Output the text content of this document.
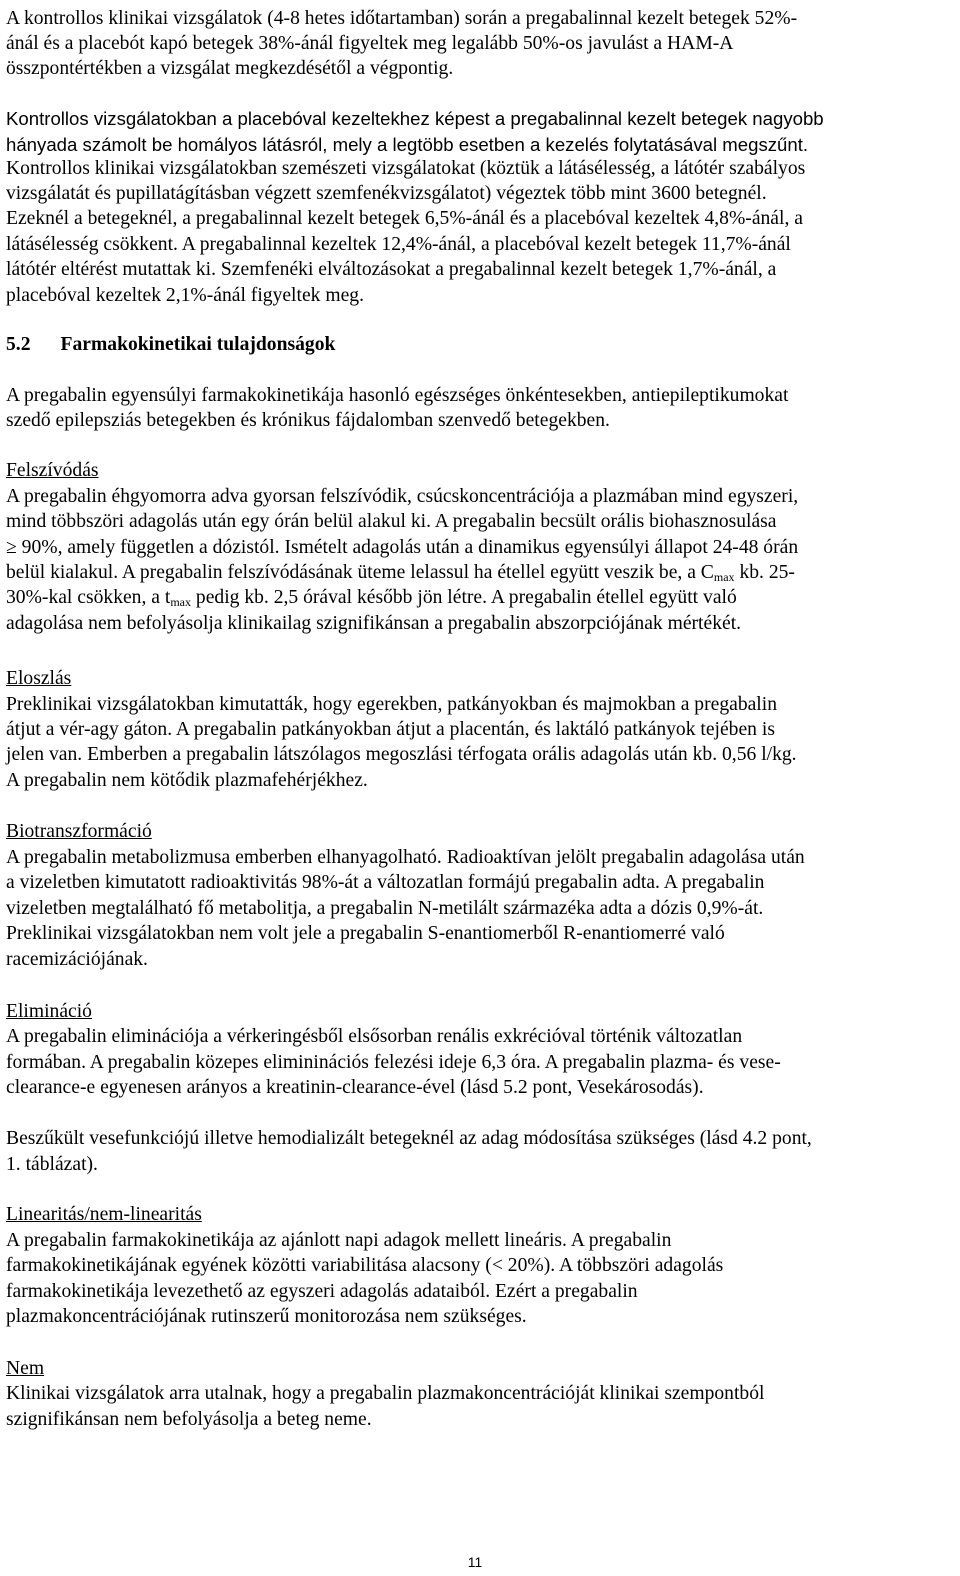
A kontrollos klinikai vizsgálatok (4-8 hetes időtartamban) során a pregabalinnal kezelt betegek 52%-
ánál és a placebót kapó betegek 38%-ánál figyeltek meg legalább 50%-os javulást a HAM-A
összpontértékben a vizsgálat megkezdésétől a végpontig.
Kontrollos vizsgálatokban a placebóval kezeltekhez képest a pregabalinnal kezelt betegek nagyobb
hányada számolt be homályos látásról, mely a legtöbb esetben a kezelés folytatásával megszűnt.
Kontrollos klinikai vizsgálatokban szemészeti vizsgálatokat (köztük a látásélesség, a látótér szabályos
vizsgálatát és pupillatágításban végzett szemfenékvizsgálatot) végeztek több mint 3600 betegnél.
Ezeknél a betegeknél, a pregabalinnal kezelt betegek 6,5%-ánál és a placebóval kezeltek 4,8%-ánál, a
látásélesség csökkent. A pregabalinnal kezeltek 12,4%-ánál, a placebóval kezelt betegek 11,7%-ánál
látótér eltérést mutattak ki. Szemfenéki elváltozásokat a pregabalinnal kezelt betegek 1,7%-ánál, a
placebóval kezeltek 2,1%-ánál figyeltek meg.
5.2 Farmakokinetikai tulajdonságok
A pregabalin egyensúlyi farmakokinetikája hasonló egészséges önkéntesekben, antiepileptikumokat
szedő epilepsziás betegekben és krónikus fájdalomban szenvedő betegekben.
Felszívódás
A pregabalin éhgyomorra adva gyorsan felszívódik, csúcskoncentrációja a plazmában mind egyszeri,
mind többszöri adagolás után egy órán belül alakul ki. A pregabalin becsült orális biohasznosulása
≥ 90%, amely független a dózistól. Ismételt adagolás után a dinamikus egyensúlyi állapot 24-48 órán
belül kialakul. A pregabalin felszívódásának üteme lelassul ha étellel együtt veszik be, a $C_{max}$ kb. 25-
30%-kal csökken, a $t_{max}$ pedig kb. 2,5 órával később jön létre. A pregabalin étellel együtt való
adagolása nem befolyásolja klinikailag szignifikánsan a pregabalin abszorpciójának mértékét.
Eloszlás
Preklinikai vizsgálatokban kimutatták, hogy egerekben, patkányokban és majmokban a pregabalin
átjut a vér-agy gáton. A pregabalin patkányokban átjut a placentán, és laktáló patkányok tejében is
jelen van. Emberben a pregabalin látszólagos megoszlási térfogata orális adagolás után kb. 0,56 l/kg.
A pregabalin nem kötődik plazmafehérjékhez.
Biotranszformáció
A pregabalin metabolizmusa emberben elhanyagolható. Radioaktívan jelölt pregabalin adagolása után
a vizeletben kimutatott radioaktivitás 98%-át a változatlan formájú pregabalin adta. A pregabalin
vizeletben megtalálható fő metabolitja, a pregabalin N-metilált származéka adta a dózis 0,9%-át.
Preklinikai vizsgálatokban nem volt jele a pregabalin S-enantiomerből R-enantiomerré való
racemizációjának.
Elimináció
A pregabalin eliminációja a vérkeringésből elsősorban renális exkrécióval történik változatlan
formában. A pregabalin közepes elimininációs felezési ideje 6,3 óra. A pregabalin plazma- és vese-
clearance-e egyenesen arányos a kreatinin-clearance-ével (lásd 5.2 pont, Vesekárosodás).
Beszűkült vesefunkciójú illetve hemodializált betegeknél az adag módosítása szükséges (lásd 4.2 pont,
1. táblázat).
Linearitás/nem-linearitás
A pregabalin farmakokinetikája az ajánlott napi adagok mellett lineáris. A pregabalin
farmakokinetikájának egyének közötti variabilitása alacsony (< 20%). A többszöri adagolás
farmakokinetikája levezethető az egyszeri adagolás adataiból. Ezért a pregabalin
plazmakoncentrációjának rutinszerű monitorozása nem szükséges.
Nem
Klinikai vizsgálatok arra utalnak, hogy a pregabalin plazmakoncentrációját klinikai szempontból
szignifikánsan nem befolyásolja a beteg neme.
11
